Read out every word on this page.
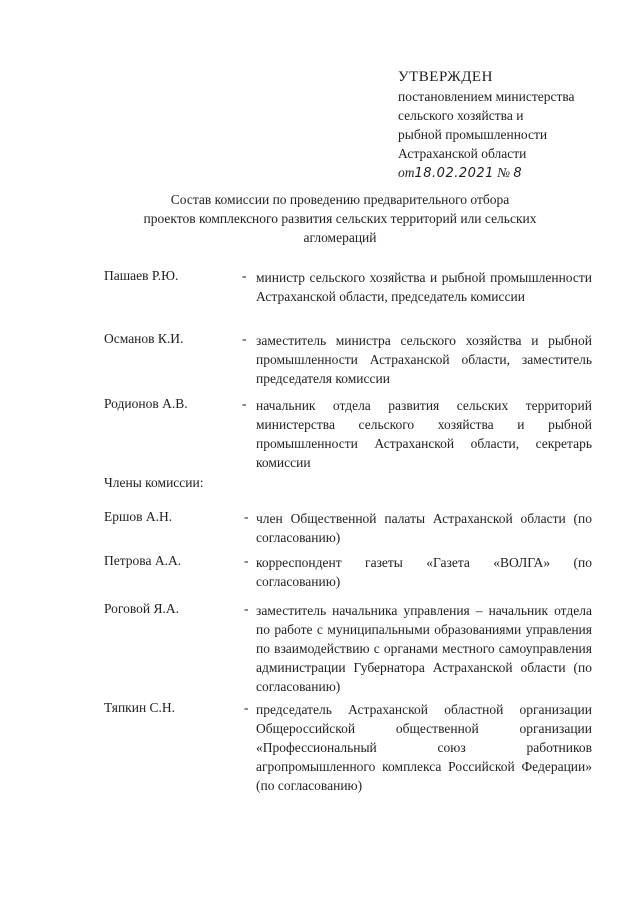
УТВЕРЖДЕН
постановлением министерства
сельского хозяйства и
рыбной промышленности
Астраханской области
от18.02.2021 № 8
Состав комиссии по проведению предварительного отбора
проектов комплексного развития сельских территорий или сельских
агломераций
Пашаев Р.Ю.	- министр сельского хозяйства и рыбной промышленности Астраханской области, председатель комиссии
Османов К.И.	- заместитель министра сельского хозяйства и рыбной промышленности Астраханской области, заместитель председателя комиссии
Родионов А.В.	- начальник отдела развития сельских территорий министерства сельского хозяйства и рыбной промышленности Астраханской области, секретарь комиссии
Члены комиссии:
Ершов А.Н.	- член Общественной палаты Астраханской области (по согласованию)
Петрова А.А.	- корреспондент газеты «Газета «ВОЛГА» (по согласованию)
Роговой Я.А.	- заместитель начальника управления – начальник отдела по работе с муниципальными образованиями управления по взаимодействию с органами местного самоуправления администрации Губернатора Астраханской области (по согласованию)
Тяпкин С.Н.	- председатель Астраханской областной организации Общероссийской общественной организации «Профессиональный союз работников агропромышленного комплекса Российской Федерации» (по согласованию)
